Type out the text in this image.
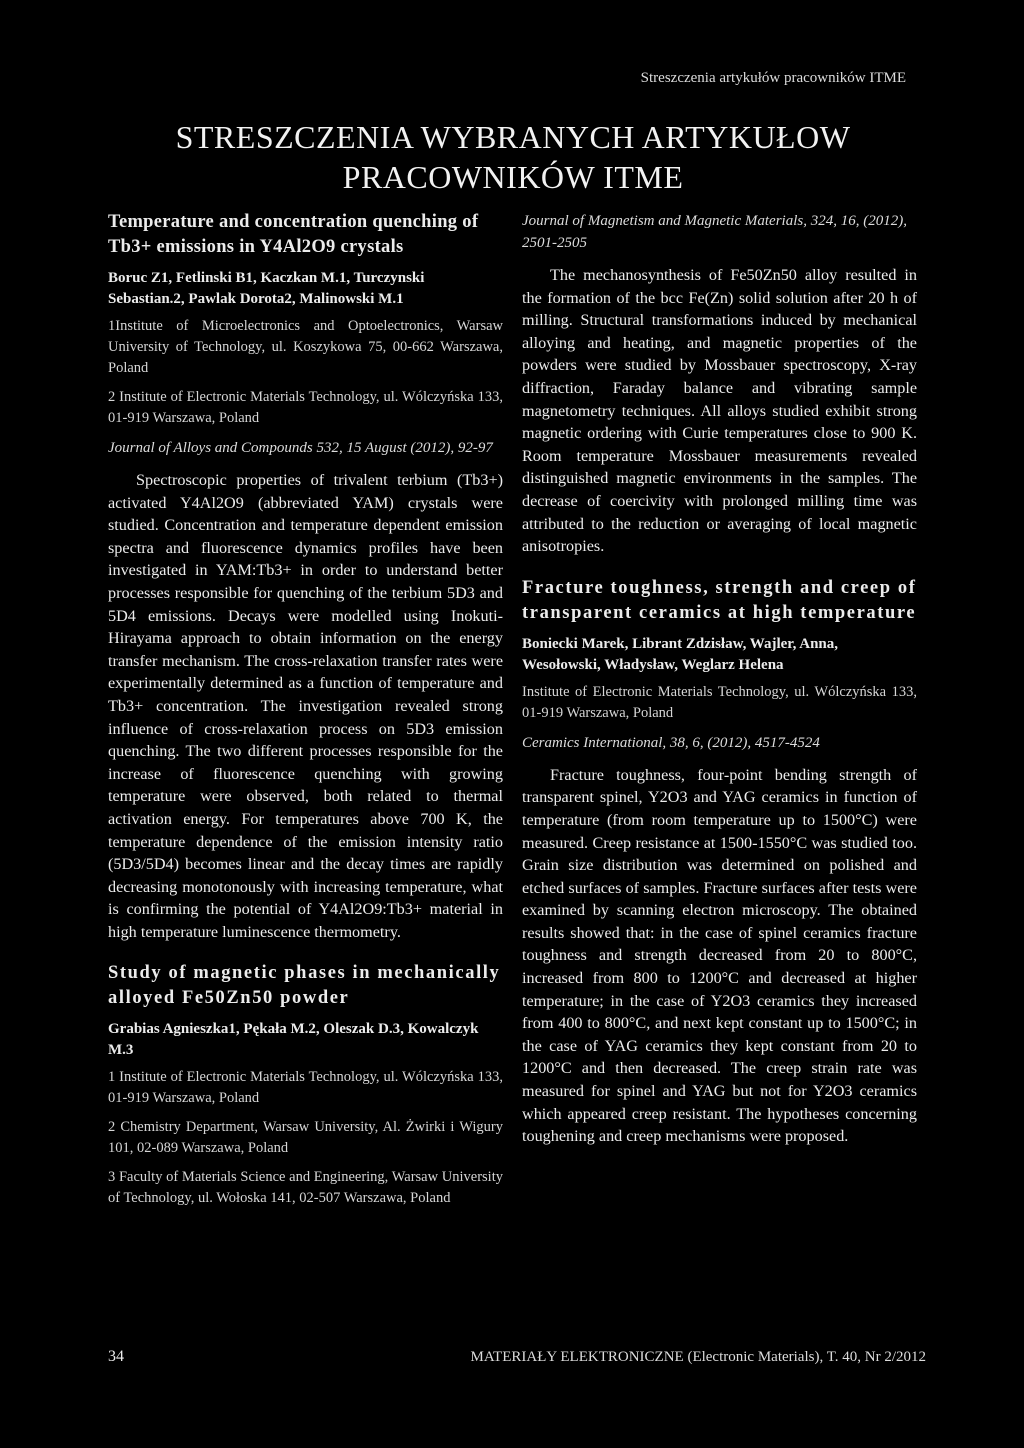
Streszczenia artykułów pracowników ITME
STRESZCZENIA WYBRANYCH ARTYKUŁOW
PRACOWNIKÓW ITME

Temperature and concentration quenching of Tb3+ emissions in Y4Al2O9 crystals

Boruc Z1, Fetlinski B1, Kaczkan M.1, Turczynski Sebastian.2, Pawlak Dorota2, Malinowski M.1

1Institute of Microelectronics and Optoelectronics, Warsaw University of Technology, ul. Koszykowa 75, 00-662 Warszawa, Poland

2 Institute of Electronic Materials Technology, ul. Wólczyńska 133, 01-919 Warszawa, Poland

Journal of Alloys and Compounds 532, 15 August (2012), 92-97

Spectroscopic properties of trivalent terbium (Tb3+) activated Y4Al2O9 (abbreviated YAM) crystals were studied. Concentration and temperature dependent emission spectra and fluorescence dynamics profiles have been investigated in YAM:Tb3+ in order to understand better processes responsible for quenching of the terbium 5D3 and 5D4 emissions. Decays were modelled using Inokuti-Hirayama approach to obtain information on the energy transfer mechanism. The cross-relaxation transfer rates were experimentally determined as a function of temperature and Tb3+ concentration. The investigation revealed strong influence of cross-relaxation process on 5D3 emission quenching. The two different processes responsible for the increase of fluorescence quenching with growing temperature were observed, both related to thermal activation energy. For temperatures above 700 K, the temperature dependence of the emission intensity ratio (5D3/5D4) becomes linear and the decay times are rapidly decreasing monotonously with increasing temperature, what is confirming the potential of Y4Al2O9:Tb3+ material in high temperature luminescence thermometry.

Study of magnetic phases in mechanically alloyed Fe50Zn50 powder

Grabias Agnieszka1, Pękała M.2, Oleszak D.3, Kowalczyk M.3

1 Institute of Electronic Materials Technology, ul. Wólczyńska 133, 01-919 Warszawa, Poland

2 Chemistry Department, Warsaw University, Al. Żwirki i Wigury 101, 02-089 Warszawa, Poland

3 Faculty of Materials Science and Engineering, Warsaw University of Technology, ul. Wołoska 141, 02-507 Warszawa, Poland

Journal of Magnetism and Magnetic Materials, 324, 16, (2012), 2501-2505

The mechanosynthesis of Fe50Zn50 alloy resulted in the formation of the bcc Fe(Zn) solid solution after 20 h of milling. Structural transformations induced by mechanical alloying and heating, and magnetic properties of the powders were studied by Mossbauer spectroscopy, X-ray diffraction, Faraday balance and vibrating sample magnetometry techniques. All alloys studied exhibit strong magnetic ordering with Curie temperatures close to 900 K. Room temperature Mossbauer measurements revealed distinguished magnetic environments in the samples. The decrease of coercivity with prolonged milling time was attributed to the reduction or averaging of local magnetic anisotropies.

Fracture toughness, strength and creep of transparent ceramics at high temperature

Boniecki Marek, Librant Zdzisław, Wajler, Anna, Wesołowski, Władysław, Weglarz Helena

Institute of Electronic Materials Technology, ul. Wólczyńska 133, 01-919 Warszawa, Poland

Ceramics International, 38, 6, (2012), 4517-4524

Fracture toughness, four-point bending strength of transparent spinel, Y2O3 and YAG ceramics in function of temperature (from room temperature up to 1500°C) were measured. Creep resistance at 1500-1550°C was studied too. Grain size distribution was determined on polished and etched surfaces of samples. Fracture surfaces after tests were examined by scanning electron microscopy. The obtained results showed that: in the case of spinel ceramics fracture toughness and strength decreased from 20 to 800°C, increased from 800 to 1200°C and decreased at higher temperature; in the case of Y2O3 ceramics they increased from 400 to 800°C, and next kept constant up to 1500°C; in the case of YAG ceramics they kept constant from 20 to 1200°C and then decreased. The creep strain rate was measured for spinel and YAG but not for Y2O3 ceramics which appeared creep resistant. The hypotheses concerning toughening and creep mechanisms were proposed.

34	MATERIAŁY ELEKTRONICZNE (Electronic Materials), T. 40, Nr 2/2012
